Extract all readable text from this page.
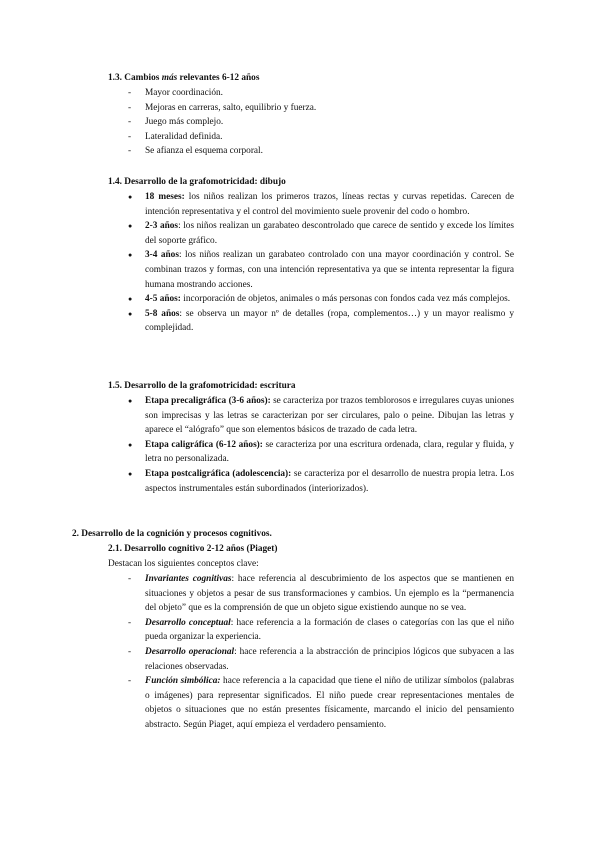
1.3. Cambios más relevantes 6-12 años
- Mayor coordinación.
- Mejoras en carreras, salto, equilibrio y fuerza.
- Juego más complejo.
- Lateralidad definida.
- Se afianza el esquema corporal.
1.4. Desarrollo de la grafomotricidad: dibujo
● 18 meses: los niños realizan los primeros trazos, líneas rectas y curvas repetidas. Carecen de intención representativa y el control del movimiento suele provenir del codo o hombro.
● 2-3 años: los niños realizan un garabateo descontrolado que carece de sentido y excede los límites del soporte gráfico.
● 3-4 años: los niños realizan un garabateo controlado con una mayor coordinación y control. Se combinan trazos y formas, con una intención representativa ya que se intenta representar la figura humana mostrando acciones.
● 4-5 años: incorporación de objetos, animales o más personas con fondos cada vez más complejos.
● 5-8 años: se observa un mayor nº de detalles (ropa, complementos…) y un mayor realismo y complejidad.
1.5. Desarrollo de la grafomotricidad: escritura
● Etapa precaligráfica (3-6 años): se caracteriza por trazos temblorosos e irregulares cuyas uniones son imprecisas y las letras se caracterizan por ser circulares, palo o peine. Dibujan las letras y aparece el “alógrafo” que son elementos básicos de trazado de cada letra.
● Etapa caligráfica (6-12 años): se caracteriza por una escritura ordenada, clara, regular y fluida, y letra no personalizada.
● Etapa postcaligráfica (adolescencia): se caracteriza por el desarrollo de nuestra propia letra. Los aspectos instrumentales están subordinados (interiorizados).
2. Desarrollo de la cognición y procesos cognitivos.
2.1. Desarrollo cognitivo 2-12 años (Piaget)
Destacan los siguientes conceptos clave:
- Invariantes cognitivas: hace referencia al descubrimiento de los aspectos que se mantienen en situaciones y objetos a pesar de sus transformaciones y cambios. Un ejemplo es la “permanencia del objeto” que es la comprensión de que un objeto sigue existiendo aunque no se vea.
- Desarrollo conceptual: hace referencia a la formación de clases o categorías con las que el niño pueda organizar la experiencia.
- Desarrollo operacional: hace referencia a la abstracción de principios lógicos que subyacen a las relaciones observadas.
- Función simbólica: hace referencia a la capacidad que tiene el niño de utilizar símbolos (palabras o imágenes) para representar significados. El niño puede crear representaciones mentales de objetos o situaciones que no están presentes físicamente, marcando el inicio del pensamiento abstracto. Según Piaget, aquí empieza el verdadero pensamiento.
